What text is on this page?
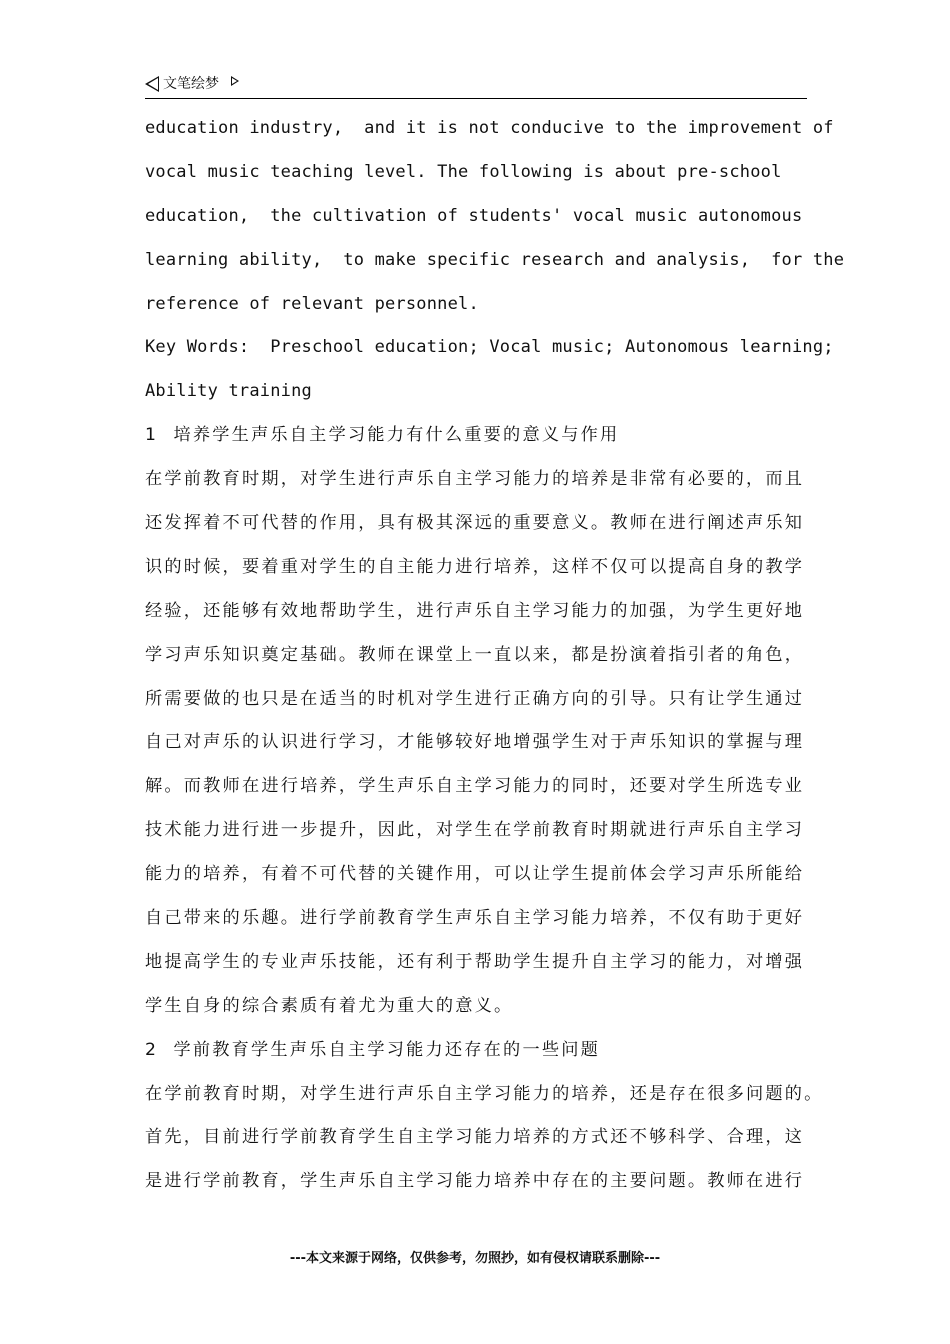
文笔绘梦
education industry,  and it is not conducive to the improvement of
vocal music teaching level. The following is about pre-school
education,  the cultivation of students' vocal music autonomous
learning ability,  to make specific research and analysis,  for the
reference of relevant personnel.
Key Words:  Preschool education; Vocal music; Autonomous learning;
Ability training
1  培养学生声乐自主学习能力有什么重要的意义与作用
在学前教育时期，对学生进行声乐自主学习能力的培养是非常有必要的，而且
还发挥着不可代替的作用，具有极其深远的重要意义。教师在进行阐述声乐知
识的时候，要着重对学生的自主能力进行培养，这样不仅可以提高自身的教学
经验，还能够有效地帮助学生，进行声乐自主学习能力的加强，为学生更好地
学习声乐知识奠定基础。教师在课堂上一直以来，都是扮演着指引者的角色，
所需要做的也只是在适当的时机对学生进行正确方向的引导。只有让学生通过
自己对声乐的认识进行学习，才能够较好地增强学生对于声乐知识的掌握与理
解。而教师在进行培养，学生声乐自主学习能力的同时，还要对学生所选专业
技术能力进行进一步提升，因此，对学生在学前教育时期就进行声乐自主学习
能力的培养，有着不可代替的关键作用，可以让学生提前体会学习声乐所能给
自己带来的乐趣。进行学前教育学生声乐自主学习能力培养，不仅有助于更好
地提高学生的专业声乐技能，还有利于帮助学生提升自主学习的能力，对增强
学生自身的综合素质有着尤为重大的意义。
2  学前教育学生声乐自主学习能力还存在的一些问题
在学前教育时期，对学生进行声乐自主学习能力的培养，还是存在很多问题的。
首先，目前进行学前教育学生自主学习能力培养的方式还不够科学、合理，这
是进行学前教育，学生声乐自主学习能力培养中存在的主要问题。教师在进行
---本文来源于网络，仅供参考，勿照抄，如有侵权请联系删除---
